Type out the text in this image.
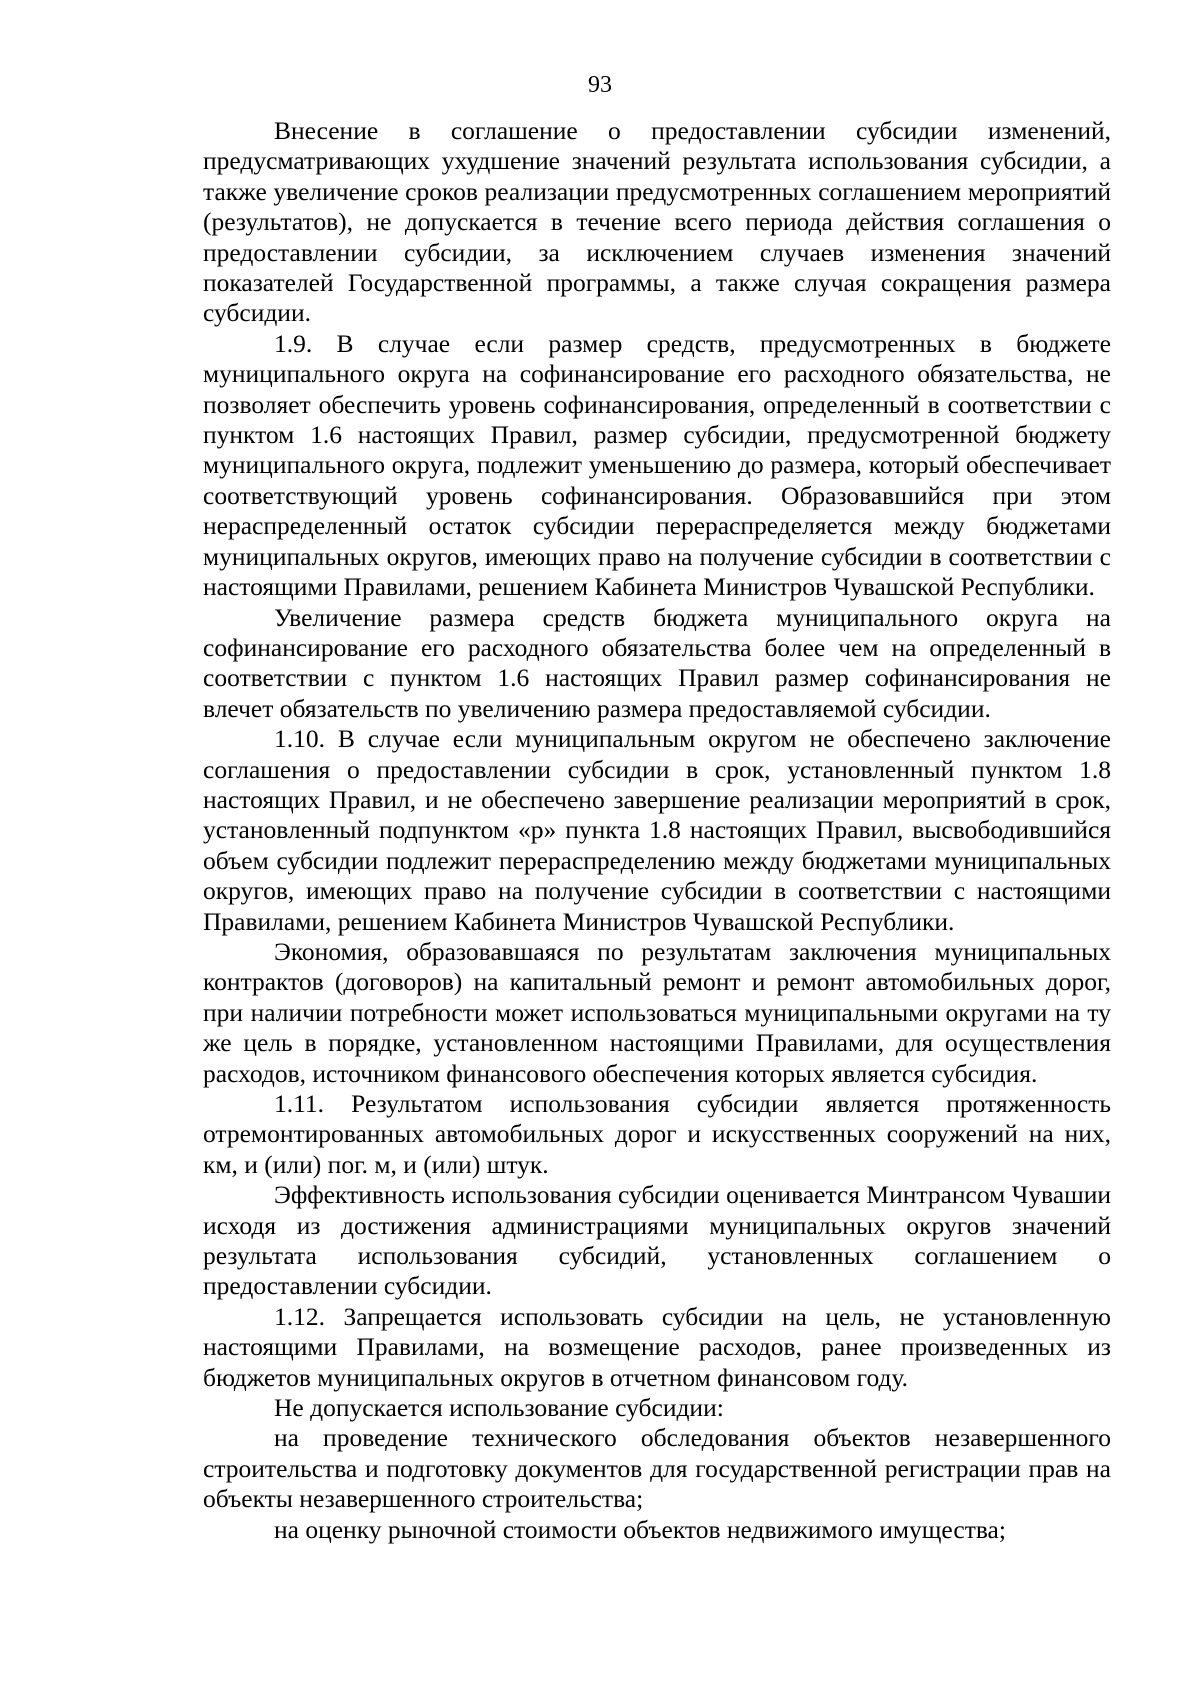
93

Внесение в соглашение о предоставлении субсидии изменений, предусматривающих ухудшение значений результата использования субсидии, а также увеличение сроков реализации предусмотренных соглашением мероприятий (результатов), не допускается в течение всего периода действия соглашения о предоставлении субсидии, за исключением случаев изменения значений показателей Государственной программы, а также случая сокращения размера субсидии.

1.9. В случае если размер средств, предусмотренных в бюджете муниципального округа на софинансирование его расходного обязательства, не позволяет обеспечить уровень софинансирования, определенный в соответствии с пунктом 1.6 настоящих Правил, размер субсидии, предусмотренной бюджету муниципального округа, подлежит уменьшению до размера, который обеспечивает соответствующий уровень софинансирования. Образовавшийся при этом нераспределенный остаток субсидии перераспределяется между бюджетами муниципальных округов, имеющих право на получение субсидии в соответствии с настоящими Правилами, решением Кабинета Министров Чувашской Республики.

Увеличение размера средств бюджета муниципального округа на софинансирование его расходного обязательства более чем на определенный в соответствии с пунктом 1.6 настоящих Правил размер софинансирования не влечет обязательств по увеличению размера предоставляемой субсидии.

1.10. В случае если муниципальным округом не обеспечено заключение соглашения о предоставлении субсидии в срок, установленный пунктом 1.8 настоящих Правил, и не обеспечено завершение реализации мероприятий в срок, установленный подпунктом «р» пункта 1.8 настоящих Правил, высвободившийся объем субсидии подлежит перераспределению между бюджетами муниципальных округов, имеющих право на получение субсидии в соответствии с настоящими Правилами, решением Кабинета Министров Чувашской Республики.

Экономия, образовавшаяся по результатам заключения муниципальных контрактов (договоров) на капитальный ремонт и ремонт автомобильных дорог, при наличии потребности может использоваться муниципальными округами на ту же цель в порядке, установленном настоящими Правилами, для осуществления расходов, источником финансового обеспечения которых является субсидия.

1.11. Результатом использования субсидии является протяженность отремонтированных автомобильных дорог и искусственных сооружений на них, км, и (или) пог. м, и (или) штук.

Эффективность использования субсидии оценивается Минтрансом Чувашии исходя из достижения администрациями муниципальных округов значений результата использования субсидий, установленных соглашением о предоставлении субсидии.

1.12. Запрещается использовать субсидии на цель, не установленную настоящими Правилами, на возмещение расходов, ранее произведенных из бюджетов муниципальных округов в отчетном финансовом году.

Не допускается использование субсидии:

на проведение технического обследования объектов незавершенного строительства и подготовку документов для государственной регистрации прав на объекты незавершенного строительства;

на оценку рыночной стоимости объектов недвижимого имущества;
